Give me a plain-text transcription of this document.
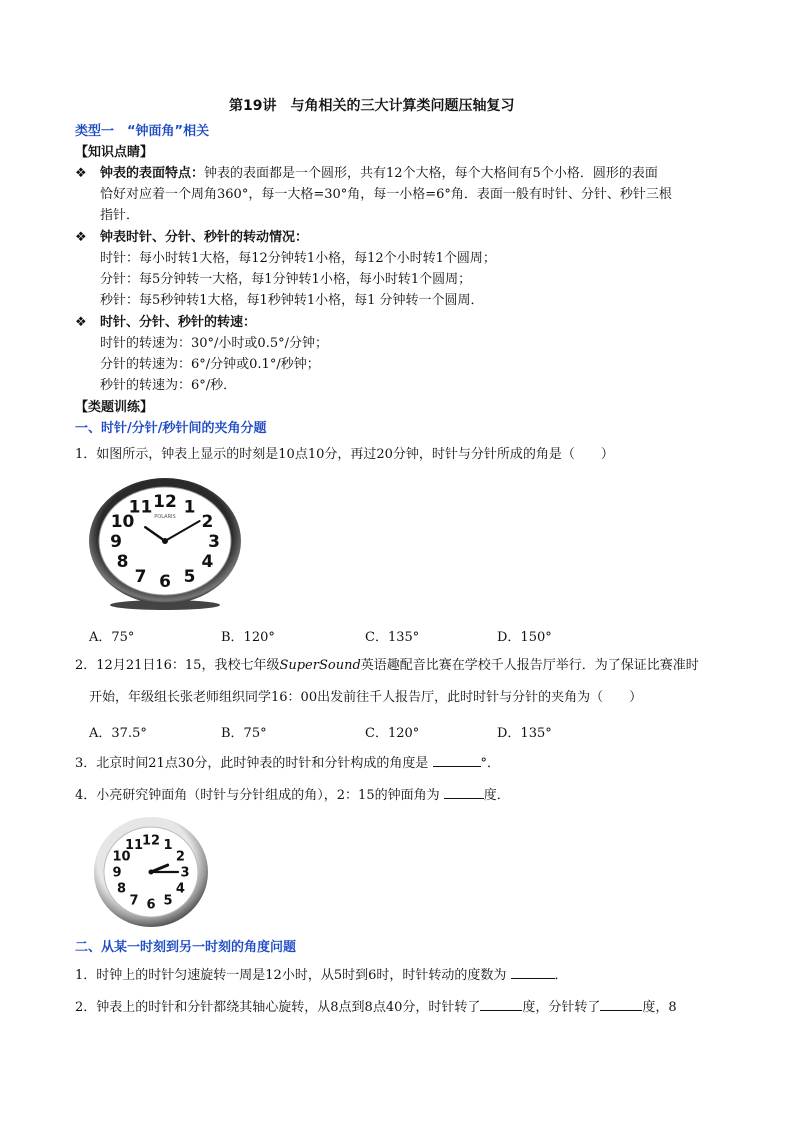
第19讲　与角相关的三大计算类问题压轴复习
类型一　“钟面角”相关
【知识点睛】
❖ 钟表的表面特点：钟表的表面都是一个圆形，共有12个大格，每个大格间有5个小格．圆形的表面
恰好对应着一个周角360°，每一大格=30°角，每一小格=6°角．表面一般有时针、分针、秒针三根
指针．
❖ 钟表时针、分针、秒针的转动情况：
时针：每小时转1大格，每12分钟转1小格，每12个小时转1个圆周；
分针：每5分钟转一大格，每1分钟转1小格，每小时转1个圆周；
秒针：每5秒钟转1大格，每1秒钟转1小格，每1 分钟转一个圆周．
❖ 时针、分针、秒针的转速：
时针的转速为：30°/小时或0.5°/分钟；
分针的转速为：6°/分钟或0.1°/秒钟；
秒针的转速为：6°/秒．
【类题训练】
一、时针/分针/秒针间的夹角分题
1．如图所示，钟表上显示的时刻是10点10分，再过20分钟，时针与分针所成的角是（　　）
12 1
2
3
4
5
6
7
8
9
10
11 POLARIS
A．75°	B．120°	C．135°	D．150°
2．12月21日16：15，我校七年级SuperSound英语趣配音比赛在学校千人报告厅举行．为了保证比赛准时
开始，年级组长张老师组织同学16：00出发前往千人报告厅，此时时针与分针的夹角为（　　）
A．37.5°	B．75°	C．120°	D．135°
3．北京时间21点30分，此时钟表的时针和分针构成的角度是	°．
4．小亮研究钟面角（时针与分针组成的角），2：15的钟面角为	度．
12 1
2
3
4
5
6
7
8
9
10
11
二、从某一时刻到另一时刻的角度问题
1．时钟上的时针匀速旋转一周是12小时，从5时到6时，时针转动的度数为	．
2．钟表上的时针和分针都绕其轴心旋转，从8点到8点40分，时针转了	度，分针转了	度，8
